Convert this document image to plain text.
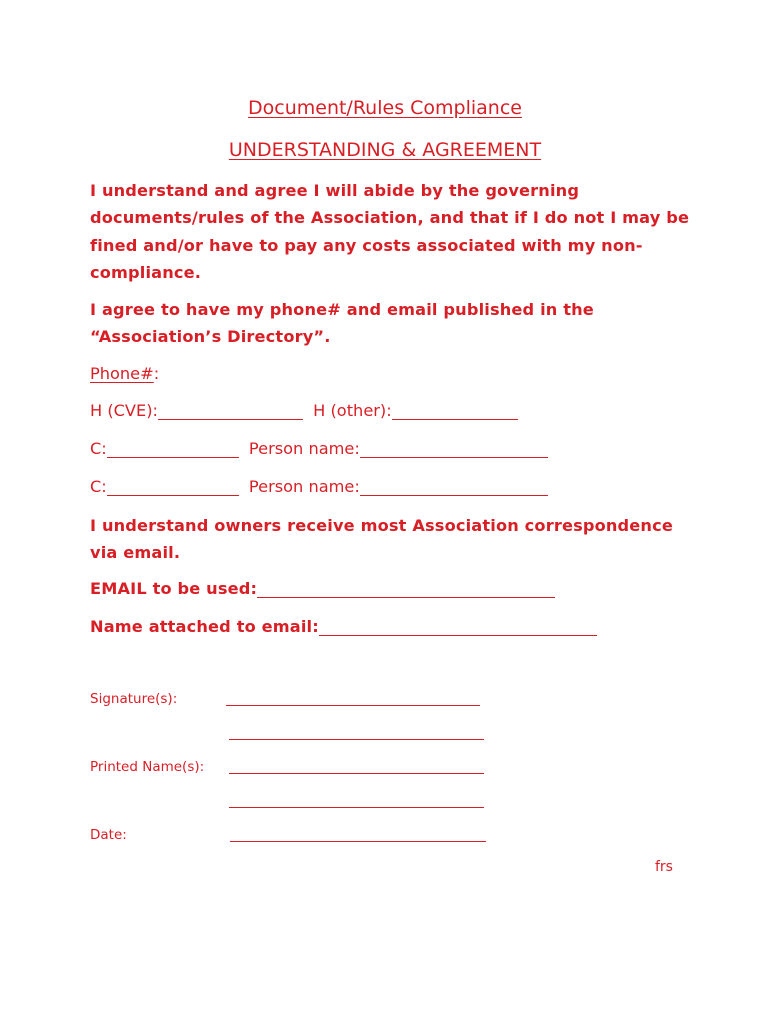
Document/Rules Compliance
UNDERSTANDING & AGREEMENT
I understand and agree I will abide by the governing documents/rules of the Association, and that if I do not I may be fined and/or have to pay any costs associated with my non-compliance.
I agree to have my phone# and email published in the “Association’s Directory”.
Phone#:
H (CVE):	H (other):
C:	Person name:
C:	Person name:
I understand owners receive most Association correspondence via email.
EMAIL to be used:
Name attached to email:
Signature(s):
Printed Name(s):
Date:
frs
